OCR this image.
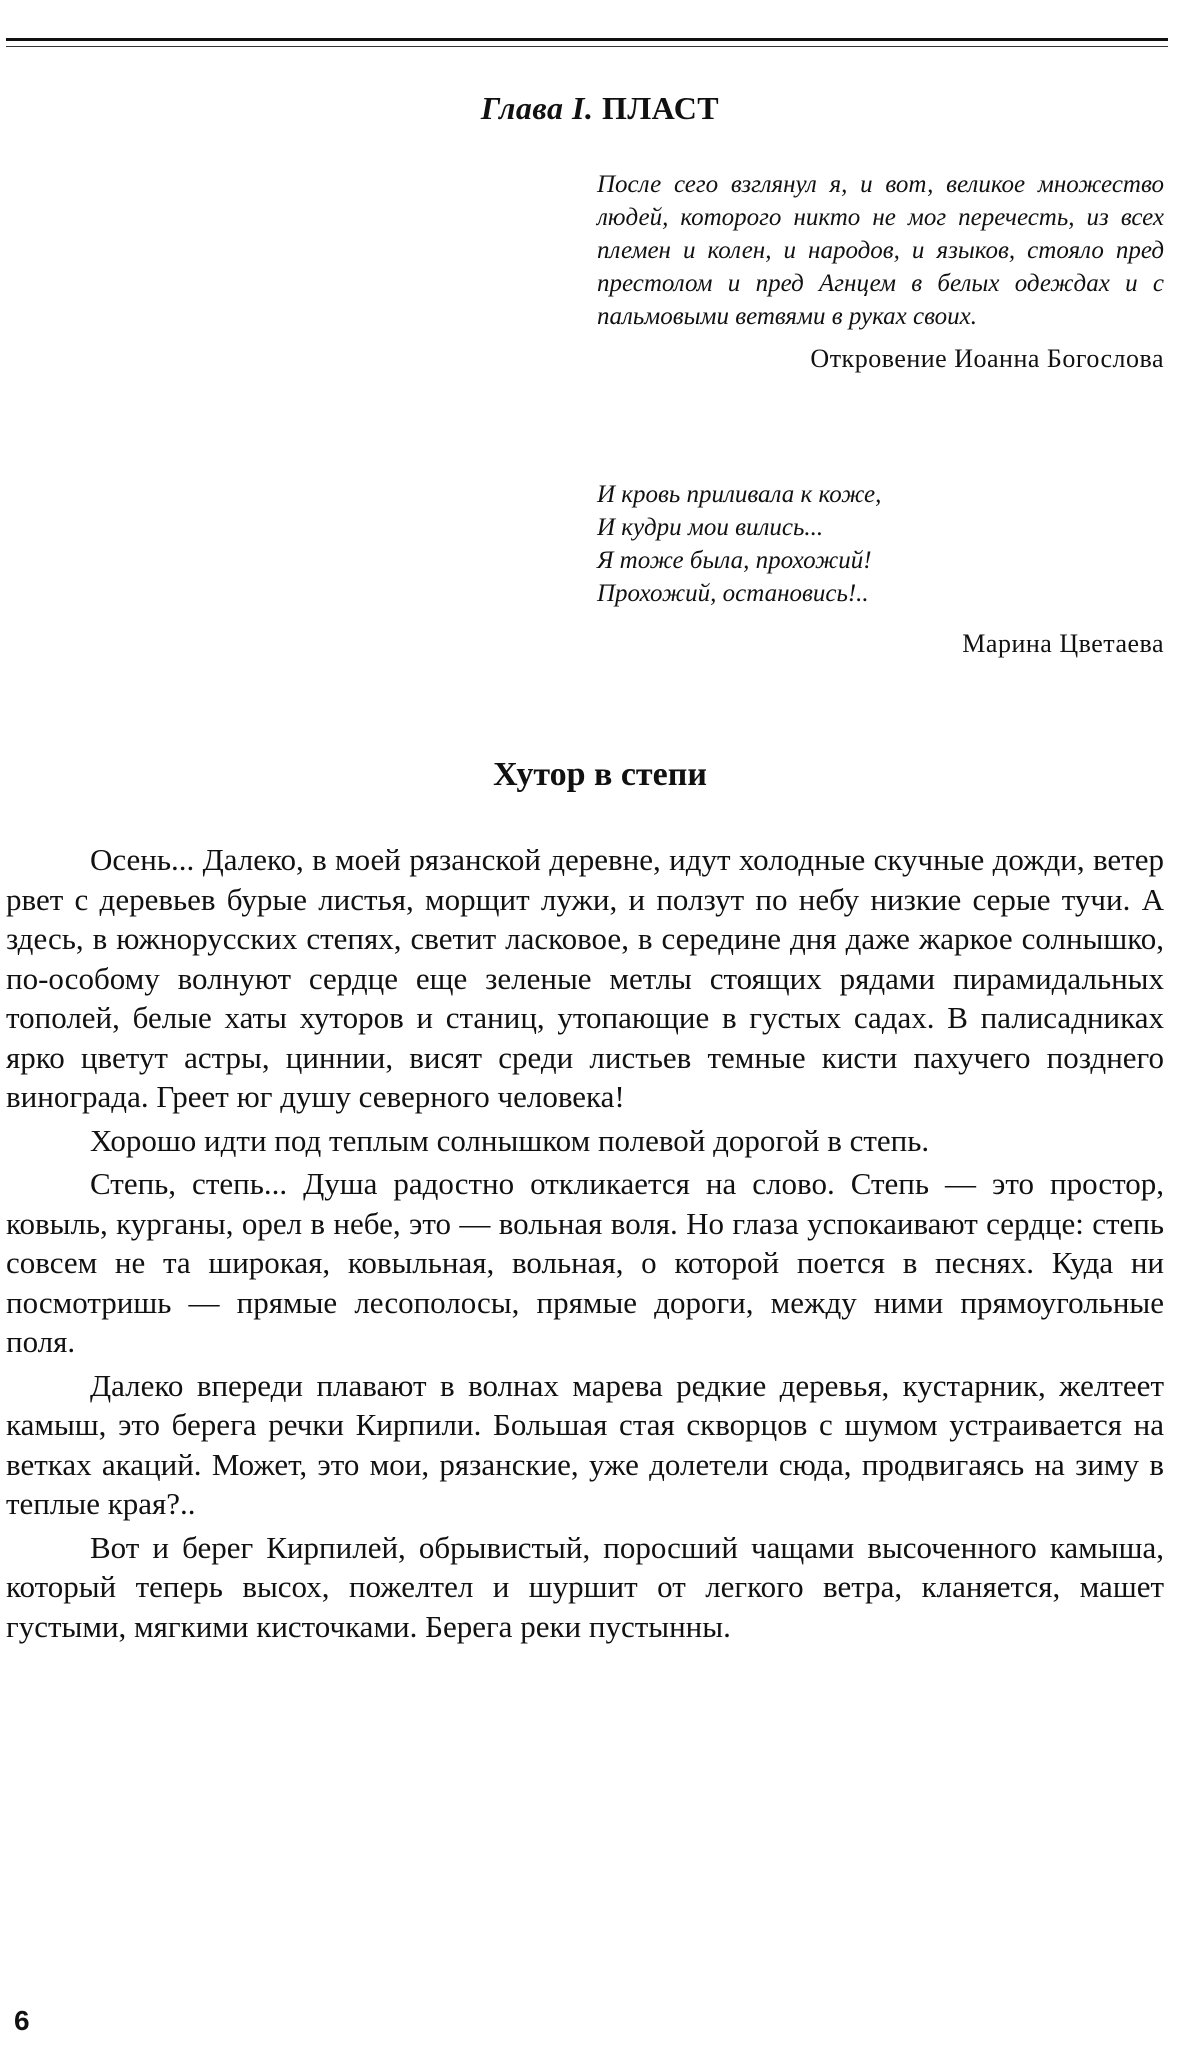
Глава I. ПЛАСТ
После сего взглянул я, и вот, великое множество людей, которого никто не мог перечесть, из всех племен и колен, и народов, и языков, стояло пред престолом и пред Агнцем в белых одеждах и с пальмовыми ветвями в руках своих.
Откровение Иоанна Богослова
И кровь приливала к коже,
И кудри мои вились...
Я тоже была, прохожий!
Прохожий, остановись!..
Марина Цветаева
Хутор в степи

Осень... Далеко, в моей рязанской деревне, идут холодные скучные дожди, ветер рвет с деревьев бурые листья, морщит лужи, и ползут по небу низкие серые тучи. А здесь, в южнорусских степях, светит ласковое, в середине дня даже жаркое солнышко, по-особому волнуют сердце еще зеленые метлы стоящих рядами пирамидальных тополей, белые хаты хуторов и станиц, утопающие в густых садах. В палисадниках ярко цветут астры, циннии, висят среди листьев темные кисти пахучего позднего винограда. Греет юг душу северного человека!

Хорошо идти под теплым солнышком полевой дорогой в степь.

Степь, степь... Душа радостно откликается на слово. Степь — это простор, ковыль, курганы, орел в небе, это — вольная воля. Но глаза успокаивают сердце: степь совсем не та широкая, ковыльная, вольная, о которой поется в песнях. Куда ни посмотришь — прямые лесополосы, прямые дороги, между ними прямоугольные поля.

Далеко впереди плавают в волнах марева редкие деревья, кустарник, желтеет камыш, это берега речки Кирпили. Большая стая скворцов с шумом устраивается на ветках акаций. Может, это мои, рязанские, уже долетели сюда, продвигаясь на зиму в теплые края?..

Вот и берег Кирпилей, обрывистый, поросший чащами высоченного камыша, который теперь высох, пожелтел и шуршит от легкого ветра, кланяется, машет густыми, мягкими кисточками. Берега реки пустынны.

6
